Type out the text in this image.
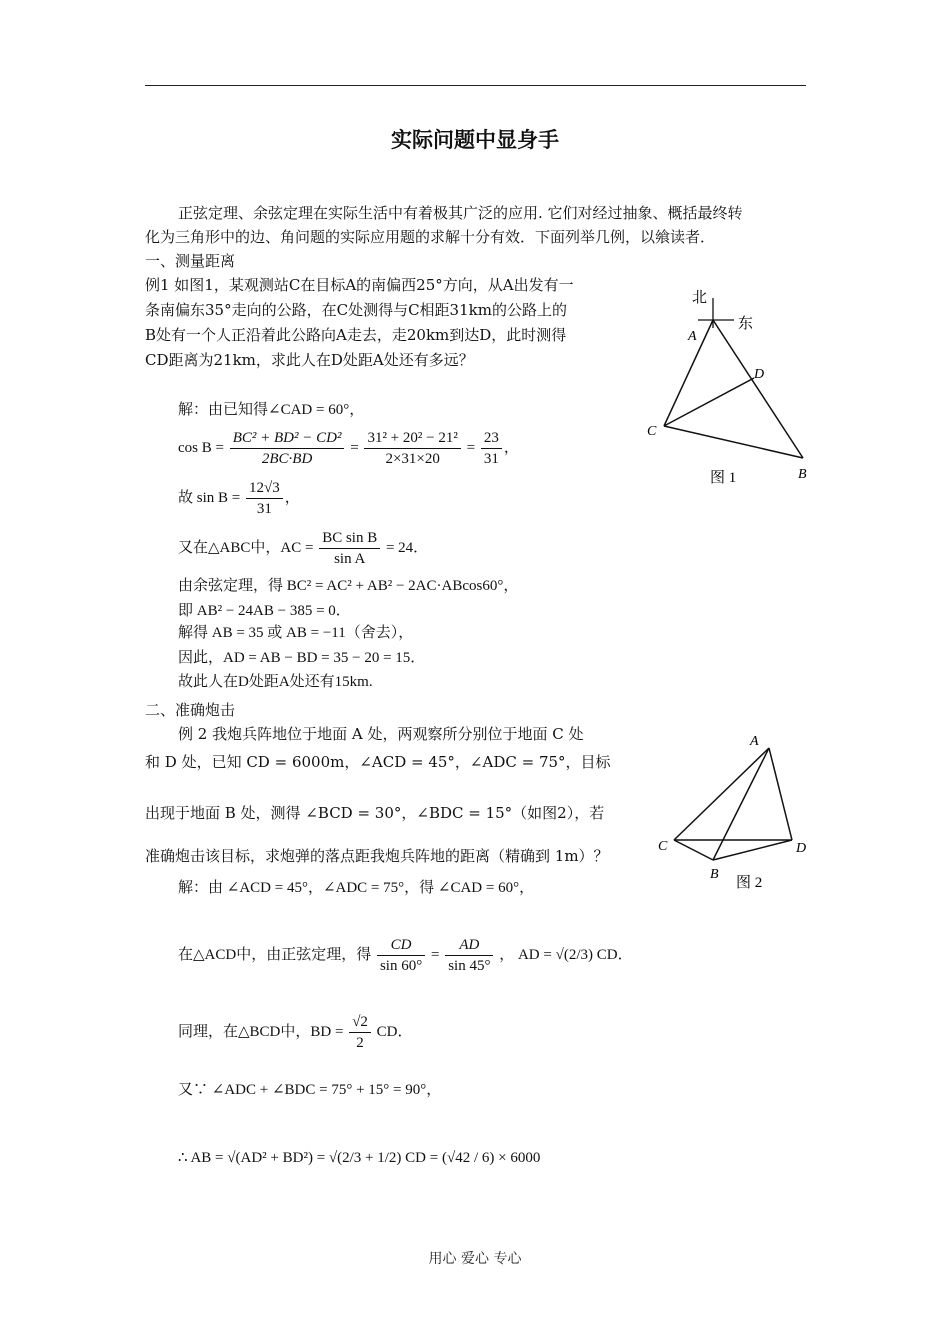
实际问题中显身手
正弦定理、余弦定理在实际生活中有着极其广泛的应用. 它们对经过抽象、概括最终转
化为三角形中的边、角问题的实际应用题的求解十分有效．下面列举几例，以飨读者．
一、测量距离
例1 如图1，某观测站C在目标A的南偏西25°方向，从A出发有一
条南偏东35°走向的公路，在C处测得与C相距31km的公路上的
B处有一个人正沿着此公路向A走去，走20km到达D，此时测得
CD距离为21km，求此人在D处距A处还有多远？
解：由已知得∠CAD = 60°，
$\cos B = \frac{\text{BC² + BD² − CD²}}{2BC\cdot BD} = \frac{\text{31² + 20² − 21²}}{2\times 31\times 20} = \frac{23}{31}$ ，
故 $\sin B = \frac{12√3}{31}$ ，
又在△ABC中，AC = $\frac{\text{BC sin B}}{\text{sin A}} = 24$．
由余弦定理，得 BC² = AC² + AB² − 2AC·ABcos60°，
即 AB² − 24AB − 385 = 0．
解得 AB = 35 或 AB = −11（舍去），
因此，AD = AB − BD = 35 − 20 = 15．
故此人在D处距A处还有15km.
二、准确炮击
例 2 我炮兵阵地位于地面 A 处，两观察所分别位于地面 C 处
和 D 处，已知 CD = 6000m，∠ACD = 45°，∠ADC = 75°，目标
出现于地面 B 处，测得 ∠BCD = 30°，∠BDC = 15°（如图2），若
准确炮击该目标，求炮弹的落点距我炮兵阵地的距离（精确到 1m）？
解：由 ∠ACD = 45°，∠ADC = 75°，得 ∠CAD = 60°，
在△ACD中，由正弦定理，得 $\frac{CD}{\sin 60^\circ} = \frac{AD}{\sin 45^\circ}$ ， AD = √(2/3) CD．
同理，在△BCD中，BD = $\frac{√2}{2}$ CD．
又∵ ∠ADC + ∠BDC = 75° + 15° = 90°，
∴ AB = √(AD² + BD²) = √(2/3 + 1/2) CD = (√42 / 6) × 6000
北
东
A
D
C
B
图 1
A
C	D
B
图 2
用心 爱心 专心
